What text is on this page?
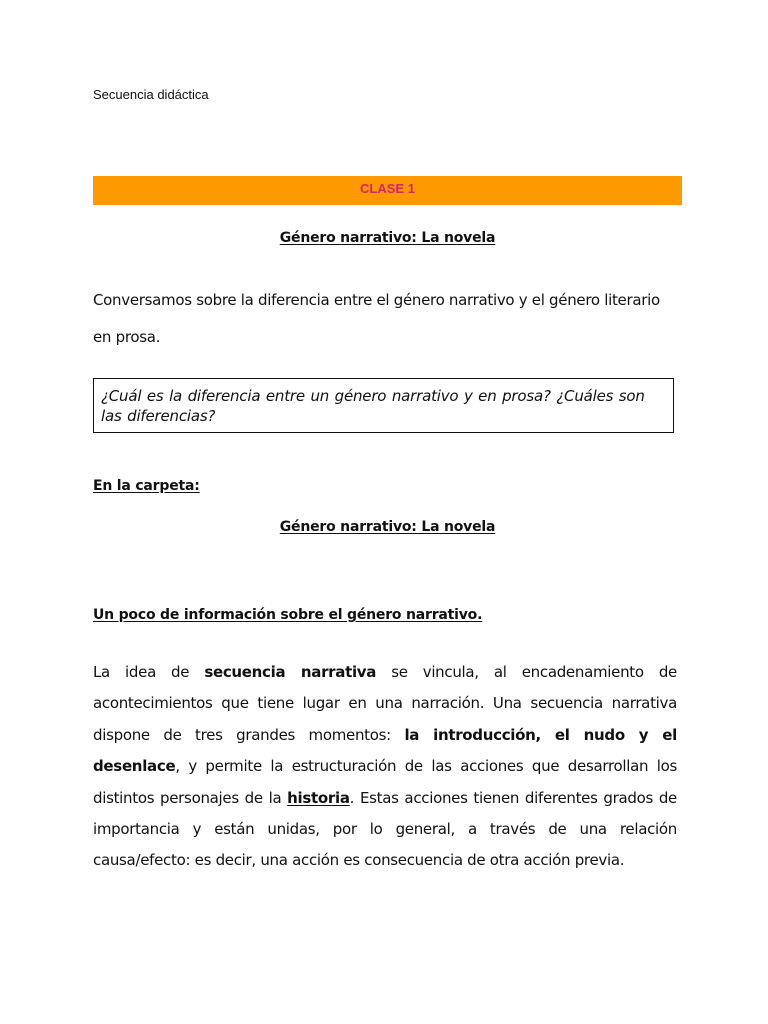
Secuencia didáctica
CLASE 1
Género narrativo: La novela
Conversamos sobre la diferencia entre el género narrativo y el género literario en prosa.
¿Cuál es la diferencia entre un género narrativo y en prosa? ¿Cuáles son las diferencias?
En la carpeta:
Género narrativo: La novela
Un poco de información sobre el género narrativo.
La idea de secuencia narrativa se vincula, al encadenamiento de acontecimientos que tiene lugar en una narración. Una secuencia narrativa dispone de tres grandes momentos: la introducción, el nudo y el desenlace, y permite la estructuración de las acciones que desarrollan los distintos personajes de la historia. Estas acciones tienen diferentes grados de importancia y están unidas, por lo general, a través de una relación causa/efecto: es decir, una acción es consecuencia de otra acción previa.
